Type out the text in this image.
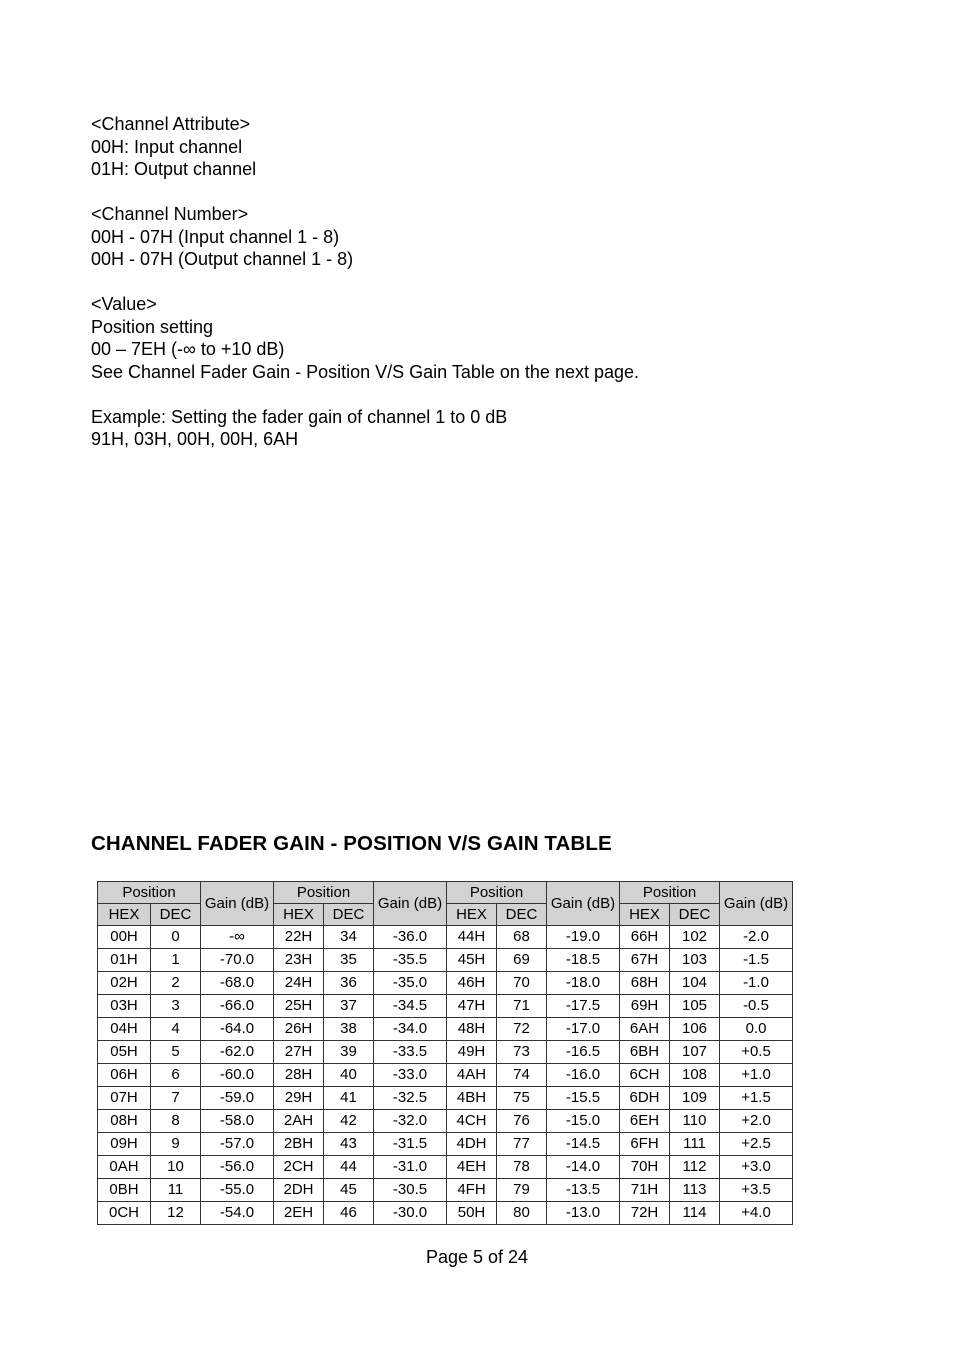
<Channel Attribute>
00H: Input channel
01H: Output channel
<Channel Number>
00H - 07H (Input channel 1 - 8)
00H - 07H (Output channel 1 - 8)
<Value>
Position setting
00 – 7EH (-∞ to +10 dB)
See Channel Fader Gain - Position V/S Gain Table on the next page.
Example: Setting the fader gain of channel 1 to 0 dB
91H, 03H, 00H, 00H, 6AH
CHANNEL FADER GAIN - POSITION V/S GAIN TABLE
Position		Gain (dB)	Position		Gain (dB)	Position		Gain (dB)	Position		Gain (dB)
HEX	DEC		HEX	DEC		HEX	DEC		HEX	DEC	
00H	0	-∞	22H	34	-36.0	44H	68	-19.0	66H	102	-2.0
01H	1	-70.0	23H	35	-35.5	45H	69	-18.5	67H	103	-1.5
02H	2	-68.0	24H	36	-35.0	46H	70	-18.0	68H	104	-1.0
03H	3	-66.0	25H	37	-34.5	47H	71	-17.5	69H	105	-0.5
04H	4	-64.0	26H	38	-34.0	48H	72	-17.0	6AH	106	0.0
05H	5	-62.0	27H	39	-33.5	49H	73	-16.5	6BH	107	+0.5
06H	6	-60.0	28H	40	-33.0	4AH	74	-16.0	6CH	108	+1.0
07H	7	-59.0	29H	41	-32.5	4BH	75	-15.5	6DH	109	+1.5
08H	8	-58.0	2AH	42	-32.0	4CH	76	-15.0	6EH	110	+2.0
09H	9	-57.0	2BH	43	-31.5	4DH	77	-14.5	6FH	111	+2.5
0AH	10	-56.0	2CH	44	-31.0	4EH	78	-14.0	70H	112	+3.0
0BH	11	-55.0	2DH	45	-30.5	4FH	79	-13.5	71H	113	+3.5
0CH	12	-54.0	2EH	46	-30.0	50H	80	-13.0	72H	114	+4.0
Page 5 of 24
